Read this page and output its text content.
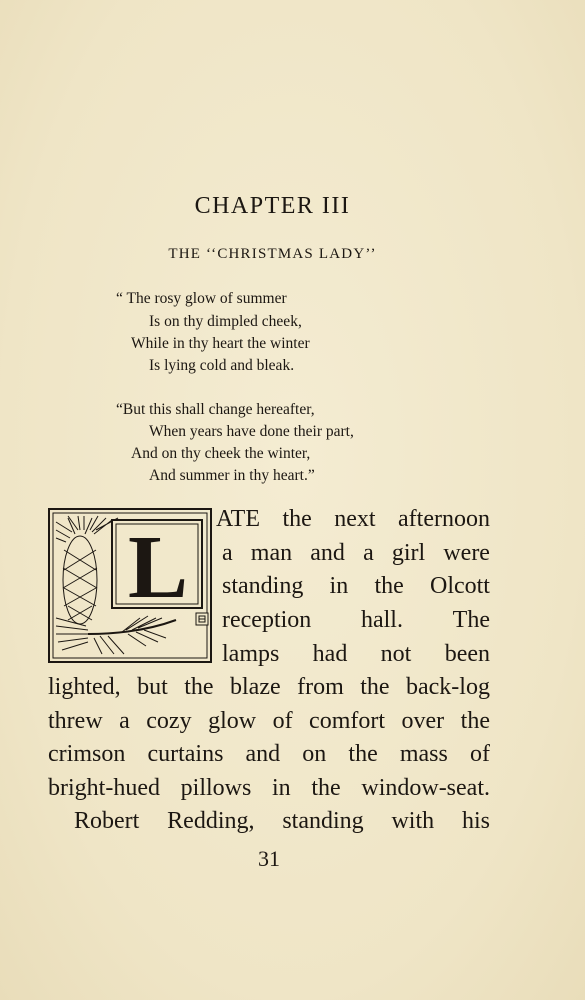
CHAPTER III
THE ‘‘CHRISTMAS LADY’’
“ The rosy glow of summer
Is on thy dimpled cheek,
While in thy heart the winter
Is lying cold and bleak.
“But this shall change hereafter,
When years have done their part,
And on thy cheek the winter,
And summer in thy heart.”
L ATE the next afternoon
a man and a girl were
standing in the Olcott
reception hall. The
lamps had not been
lighted, but the blaze from the back-log
threw a cozy glow of comfort over the
crimson curtains and on the mass of
bright-hued pillows in the window-seat.
Robert Redding, standing with his
31
